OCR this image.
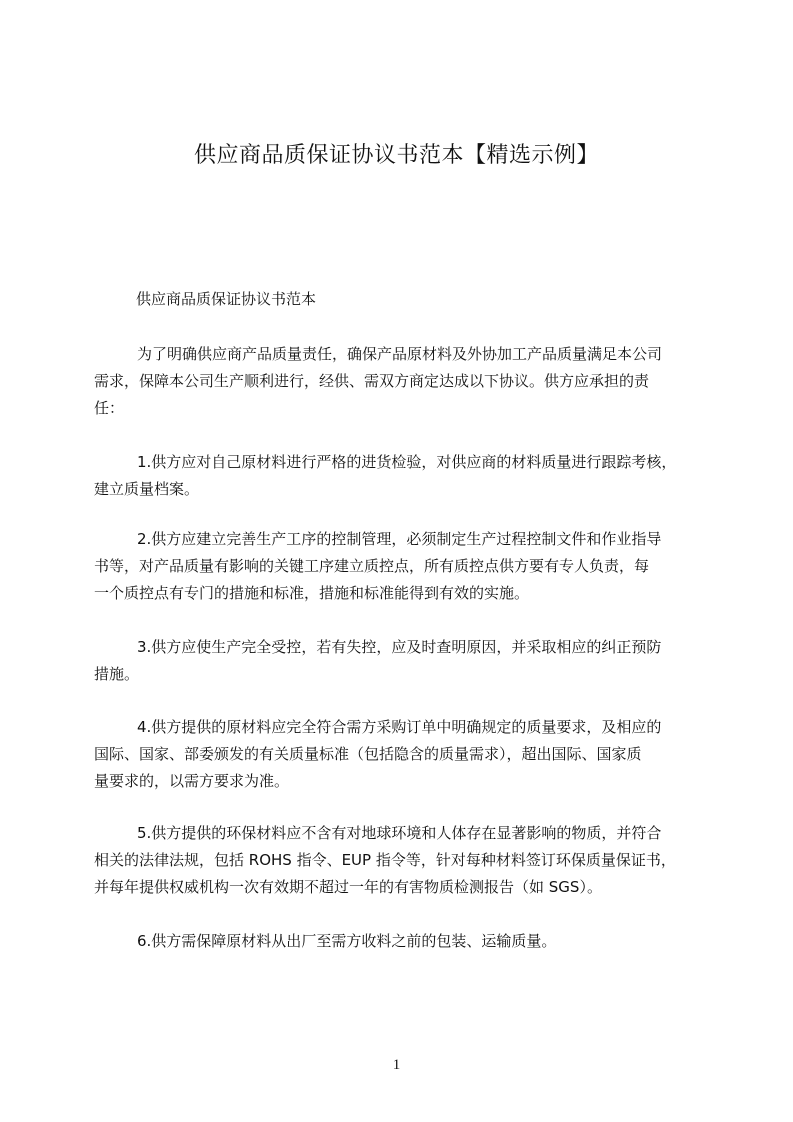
供应商品质保证协议书范本【精选示例】
供应商品质保证协议书范本
为了明确供应商产品质量责任，确保产品原材料及外协加工产品质量满足本公司
需求，保障本公司生产顺利进行，经供、需双方商定达成以下协议。供方应承担的责
任：
1.供方应对自己原材料进行严格的进货检验，对供应商的材料质量进行跟踪考核，
建立质量档案。
2.供方应建立完善生产工序的控制管理，必须制定生产过程控制文件和作业指导
书等，对产品质量有影响的关键工序建立质控点，所有质控点供方要有专人负责，每
一个质控点有专门的措施和标准，措施和标准能得到有效的实施。
3.供方应使生产完全受控，若有失控，应及时查明原因，并采取相应的纠正预防
措施。
4.供方提供的原材料应完全符合需方采购订单中明确规定的质量要求，及相应的
国际、国家、部委颁发的有关质量标准（包括隐含的质量需求），超出国际、国家质
量要求的，以需方要求为准。
5.供方提供的环保材料应不含有对地球环境和人体存在显著影响的物质，并符合
相关的法律法规，包括 ROHS 指令、EUP 指令等，针对每种材料签订环保质量保证书，
并每年提供权威机构一次有效期不超过一年的有害物质检测报告（如 SGS）。
6.供方需保障原材料从出厂至需方收料之前的包装、运输质量。
1
